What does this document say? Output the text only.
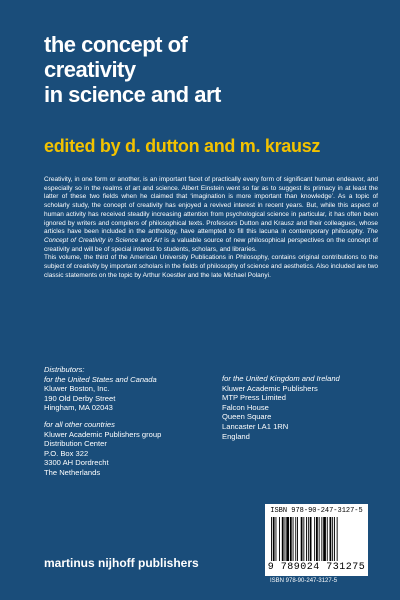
the concept of
creativity
in science and art
edited by d. dutton and m. krausz

Creativity, in one form or another, is an important facet of practically every form of significant human endeavor, and especially so in the realms of art and science. Albert Einstein went so far as to suggest its primacy in at least the latter of these two fields when he claimed that ‘imagination is more important than knowledge’. As a topic of scholarly study, the concept of creativity has enjoyed a revived interest in recent years. But, while this aspect of human activity has received steadily increasing attention from psychological science in particular, it has often been ignored by writers and compilers of philosophical texts. Professors Dutton and Krausz and their colleagues, whose articles have been included in the anthology, have attempted to fill this lacuna in contemporary philosophy. The Concept of Creativity in Science and Art is a valuable source of new philosophical perspectives on the concept of creativity and will be of special interest to students, scholars, and libraries.

This volume, the third of the American University Publications in Philosophy, contains original contributions to the subject of creativity by important scholars in the fields of philosophy of science and aesthetics. Also included are two classic statements on the topic by Arthur Koestler and the late Michael Polanyi.

Distributors:
for the United States and Canada
Kluwer Boston, Inc.
190 Old Derby Street
Hingham, MA 02043
for all other countries
Kluwer Academic Publishers group
Distribution Center
P.O. Box 322
3300 AH Dordrecht
The Netherlands
for the United Kingdom and Ireland
Kluwer Academic Publishers
MTP Press Limited
Falcon House
Queen Square
Lancaster LA1 1RN
England
ISBN 978-90-247-3127-5
9 789024 731275
ISBN 978-90-247-3127-5
martinus nijhoff publishers
